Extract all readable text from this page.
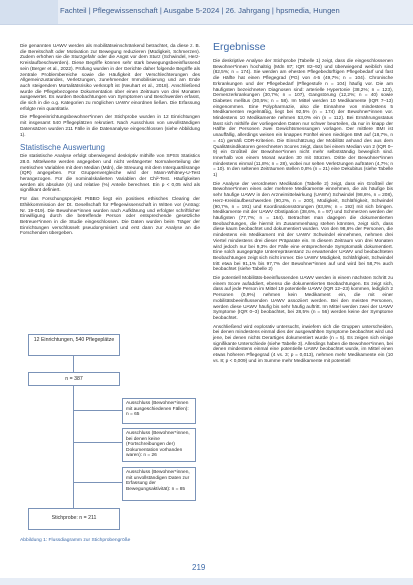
Fachteil | Pflegewissenschaft | Ausgabe 5-2024 | 26. Jahrgang | hpsmedia, Hungen

Die genannten UAWV werden als mobilitätseinschränkend betrachtet, da diese z. B. die Bereitschaft oder Motivation zur Bewegung reduzieren (Müdigkeit, Schmerzen). Zudem erhöhen sie die Sturzgefahr oder die Angst vor dem Sturz (Schwindel, Herz-Kreislaufbeschwerden). Diese Begriffe können sehr stark bewegungsbeeinflussend sein (Berger et al., 2022). Prüfung wurden in der Gerichte daher folgende Begriffe als zentrale Problembereiche sowie die Häufigkeit der Verschlechterungen des Allgemeinzustandes, Verletzungen, zunehmender Immobilisierung und am Ende auch steigendem Mortalitätsrisiko verknüpft ist (Neuhart et al., 2018). Anschließend wurde die Pflegebezogene Dokumentation über einen Zeitraum von drei Monaten ausgewertet. Es wurden Beobachtungen von Symptomen und Beschwerden erfasst, die sich in die o.g. Kategorien zu möglichen UAWV einordnen ließen. Die Erfassung erfolgte rein quantitativ.

Die Pflegeeinrichtungsbewohner*innen der Stichprobe wurden in 12 Einrichtungen mit insgesamt 540 Pflegeplätzen rekrutiert. Nach Ausschluss von unvollständigen Datensätzen wurden 211 Fälle in die Datenanalyse eingeschlossen (siehe Abbildung 1).

Statistische Auswertung

Die statistische Analyse erfolgt überwiegend deskriptiv mithilfe von SPSS Statistics 28.0. Mittelwerte werden angegeben und nicht verlängerter Normalverteilung der metrischen Variablen mit dem Median (Mdn), die Streuung mit dem Interquartilsrange (IQR) angegeben. Für Gruppenvergleiche wird der Mann-Whitney-U-Test herangezogen. Für die nominalskalierten Variablen der Chi²-Test. Häufigkeiten werden als absolute (n) und relative (%) Anteile berechnet. Ein p < 0,05 wird als signifikant definiert.

Für das Forschungsprojekt PIBBO liegt ein positives ethisches Clearing der Ethikkommission der Dt. Gesellschaft für Pflegewissenschaft in Witten vor (Antrag: Nr. 19-019). Die Bewohner*innen wurden nach Aufklärung und erfolgter schriftlicher Einwilligung durch die betreffende Person oder entsprechende gesetzliche Betreuer*innen in die Studie eingeschlossen. Die Daten wurden beim Träger der Einrichtungen verschlüsselt pseudonymisiert und erst dann zur Analyse an die Forschenden übergeben.

12 Einrichtungen, 540 Pflegeplätze
n = 387
Ausschluss (Bewohner*innen mit ausgeschiedenen Fällen): n = 65
Ausschluss (Bewohner*innen, bei denen keine (Fortschreibungen der) Dokumentation vorhanden waren): n = 26
Ausschluss (Bewohner*innen, mit unvollständigen Daten zur Erfassung der Bewegungsaktivität): n = 85
Stichprobe: n = 211
Abbildung 1: Flussdiagramm zur Stichprobengröße
Ergebnisse

Die deskriptive Analyse der Stichprobe (Tabelle 1) zeigt, dass die eingeschlossenen Bewohner*innen hochaltrig (Mdn 87; IQR 82–92) und überwiegend weiblich sind (82,5%; n = 174). Sie werden am ehesten Pflegebedürftigen Pflegebedarf und fast die Hälfte hat einen Pflegegrad (PG) von 4-5 (49,7%; n = 104). Chronische Erkrankungen und der Pflegebedarf (Pflegestufe n = 104) häufig vor. Die am häufigsten bezeichneten Diagnosen sind: arterielle Hypertonie (38,2%; n = 123), Demenzerkrankungen (30,7%; n = 107), Gangstörung (12,2%; n = 40) sowie Diabetes mellitus (30,5%; n = 58). Im Mittel werden 10 Medikamente (IQR 7–13) eingenommen. Eine Polypharmazie, also die Einnahme von mindestens 5 Medikamenten regelmäßig, liegt bei 92,5% (n = 174) der Bewohner*innen vor. Mindestens 10 Medikamente nehmen 53,0% ein (n = 112). Bei Ernährungsstatus lässt sich mithilfe der vorliegenden Daten nur schwer beurteilen, da nur in knapp der Hälfte der Personen zwei Gewichtsmessungen vorlagen. Der mittlere BMI ist unauffällig, allerdings weisen ein knappes Fünftel einen niedrigen BMI auf (18,7%, n = 41) gemäß CDR-Kriterien. Die Einschätzung der Mobilität anhand des aus dem Qualitätsindikatoren gerechneten Scores zeigt, dass bei einem Median von 2 (IQR 0–9) ein Großteil der Bewohner*innen nicht mehr selbstständig beweglich sind. Innerhalb von einem Monat wurden 30 mit Stürzen. Dritte der Bewohner*innen mindestens einmal (11,8%; n = 28), wobei nur selten Verletzungen auftraten (4,7%; n = 10). In den seltenen Zeiträumen stellen 0,8% (n = 21) eine Dekubitus (siehe Tabelle 1)

Die Analyse der verordneten Medikation (Tabelle 2) zeigt, dass ein Großteil der Bewohner*innen eines oder mehrere Medikamente einnehmen, die als häufige bis sehr häufige UAWV in den Arzneimittelwirkung (UAWV) Schwindel (98,6%, n = 208), Herz-Kreislaufbeschwerden (90,2%, n = 200), Müdigkeit, Schläfrigkeit, Schwindel (90,7%, n = 191) und Koordinationsstörungen (93,8%; n = 192) mit sich bringen. Medikamente mit der UAWV Obstipation (38,6%, n = 97) und Schmerzen werden der häufigsten (77,7%; n = 164). Betrachtet man dagegen die dokumentierten Beobachtungen, die hiermit im Zusammenhang stehen könnten, zeigt sich, dass diese kaum beobachtet und dokumentiert wurden. Von den 98,6% der Personen, die mindestens ein Medikament mit der UAWV Schwindel einnehmen, nehmen drei Viertel mindestens drei dieser Präparate ein. In diesem Zeitraum von drei Monaten wird jedoch nur bei 9,3% der Fälle eine entsprechende Symptomatik dokumentiert. Eine solch ausgeprägte Unterrepräsentanz zu erwartender UAWV und beobachteten Beobachtungen zeigt sich nicht immer. Die UAWV Müdigkeit, Schläfrigkeit, Schwindel tritt etwa bei 91,1% bis 97,7% der Bewohner*innen auf und wird bei 58,7% auch beobachtet (siehe Tabelle 2)

Die potentiell Mobilitäts-beeinflussenden UAWV werden in einem nächsten Schritt zu einem Score aufaddiert, ebenso die dokumentierten Beobachtungen. Es zeigt sich, dass auf jede Person im Mittel 19 potentielle UAWV (IQR 12–23) kommen, lediglich 2 Personen (0,9%) nehmen kein Medikament ein, die mit einer mobilitätsbeeinflussenden UAWV assoziiert werden. Bei den meisten Personen, werden diese UAWV häufig bis sehr häufig auftritt. Im Mittel werden zwei der UAWV Symptome (IQR 0–3) beobachtet, bei 28,5% (n = 56) werden keine der Symptome beobachtet.

Anschließend wird explorativ untersucht, inwiefern sich die Gruppen unterscheiden, bei denen mindestens einmal dies der ausgewählten Symptome beobachtet wird und jene, bei denen nichts Derartiges dokumentiert wurde (n = 5). Es zeigen sich einige signifikante Unterschiede (siehe Tabelle 3). Allerdings haben die Bewohner*innen, bei denen mindestens einmal eine potentielle UAWV beobachtet wurde, im Mittel einen etwas höheren Pflegegrad (4 vs. 3; p = 0,013), nehmen mehr Medikamente ein (10 vs. 8; p < 0,009) und im Summe mehr Medikamente mit potentiell

219
